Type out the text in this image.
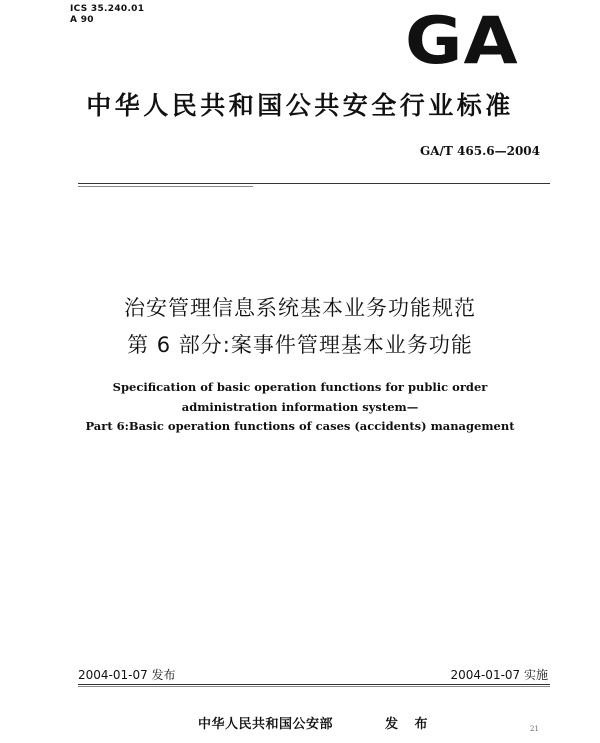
ICS 35.240.01
A 90	GA
中华人民共和国公共安全行业标准
GA/T 465.6—2004
治安管理信息系统基本业务功能规范
第 6 部分:案事件管理基本业务功能
Specification of basic operation functions for public order
administration information system—
Part 6:Basic operation functions of cases (accidents) management
2004-01-07 发布	2004-01-07 实施
中华人民共和国公安部	发 布	21
